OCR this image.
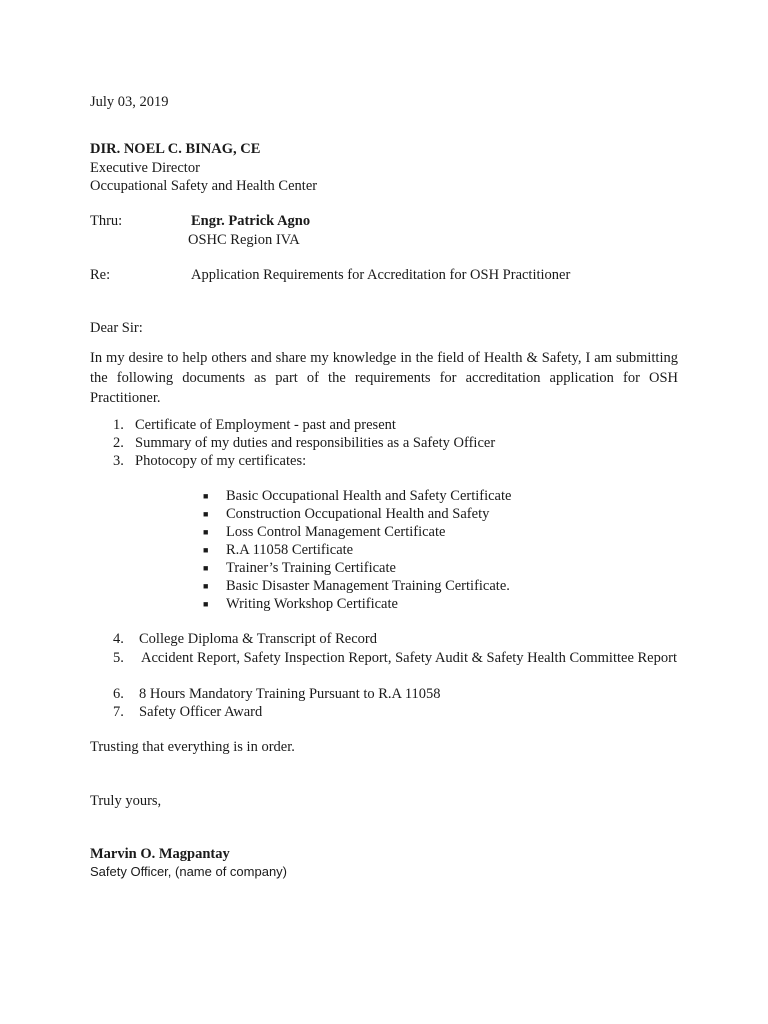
July 03, 2019
DIR. NOEL C. BINAG, CE
Executive Director
Occupational Safety and Health Center
Thru:	Engr. Patrick Agno
OSHC Region IVA
Re:	Application Requirements for Accreditation for OSH Practitioner
Dear Sir:
In my desire to help others and share my knowledge in the field of Health & Safety, I am submitting the following documents as part of the requirements for accreditation application for OSH Practitioner.
1. Certificate of Employment - past and present
2. Summary of my duties and responsibilities as a Safety Officer
3. Photocopy of my certificates:
■ Basic Occupational Health and Safety Certificate
■ Construction Occupational Health and Safety
■ Loss Control Management Certificate
■ R.A 11058 Certificate
■ Trainer’s Training Certificate
■ Basic Disaster Management Training Certificate.
■ Writing Workshop Certificate
4. College Diploma & Transcript of Record
5.	Accident Report, Safety Inspection Report, Safety Audit & Safety Health Committee Report
6. 8 Hours Mandatory Training Pursuant to R.A 11058
7. Safety Officer Award
Trusting that everything is in order.
Truly yours,
Marvin O. Magpantay
Safety Officer, (name of company)
